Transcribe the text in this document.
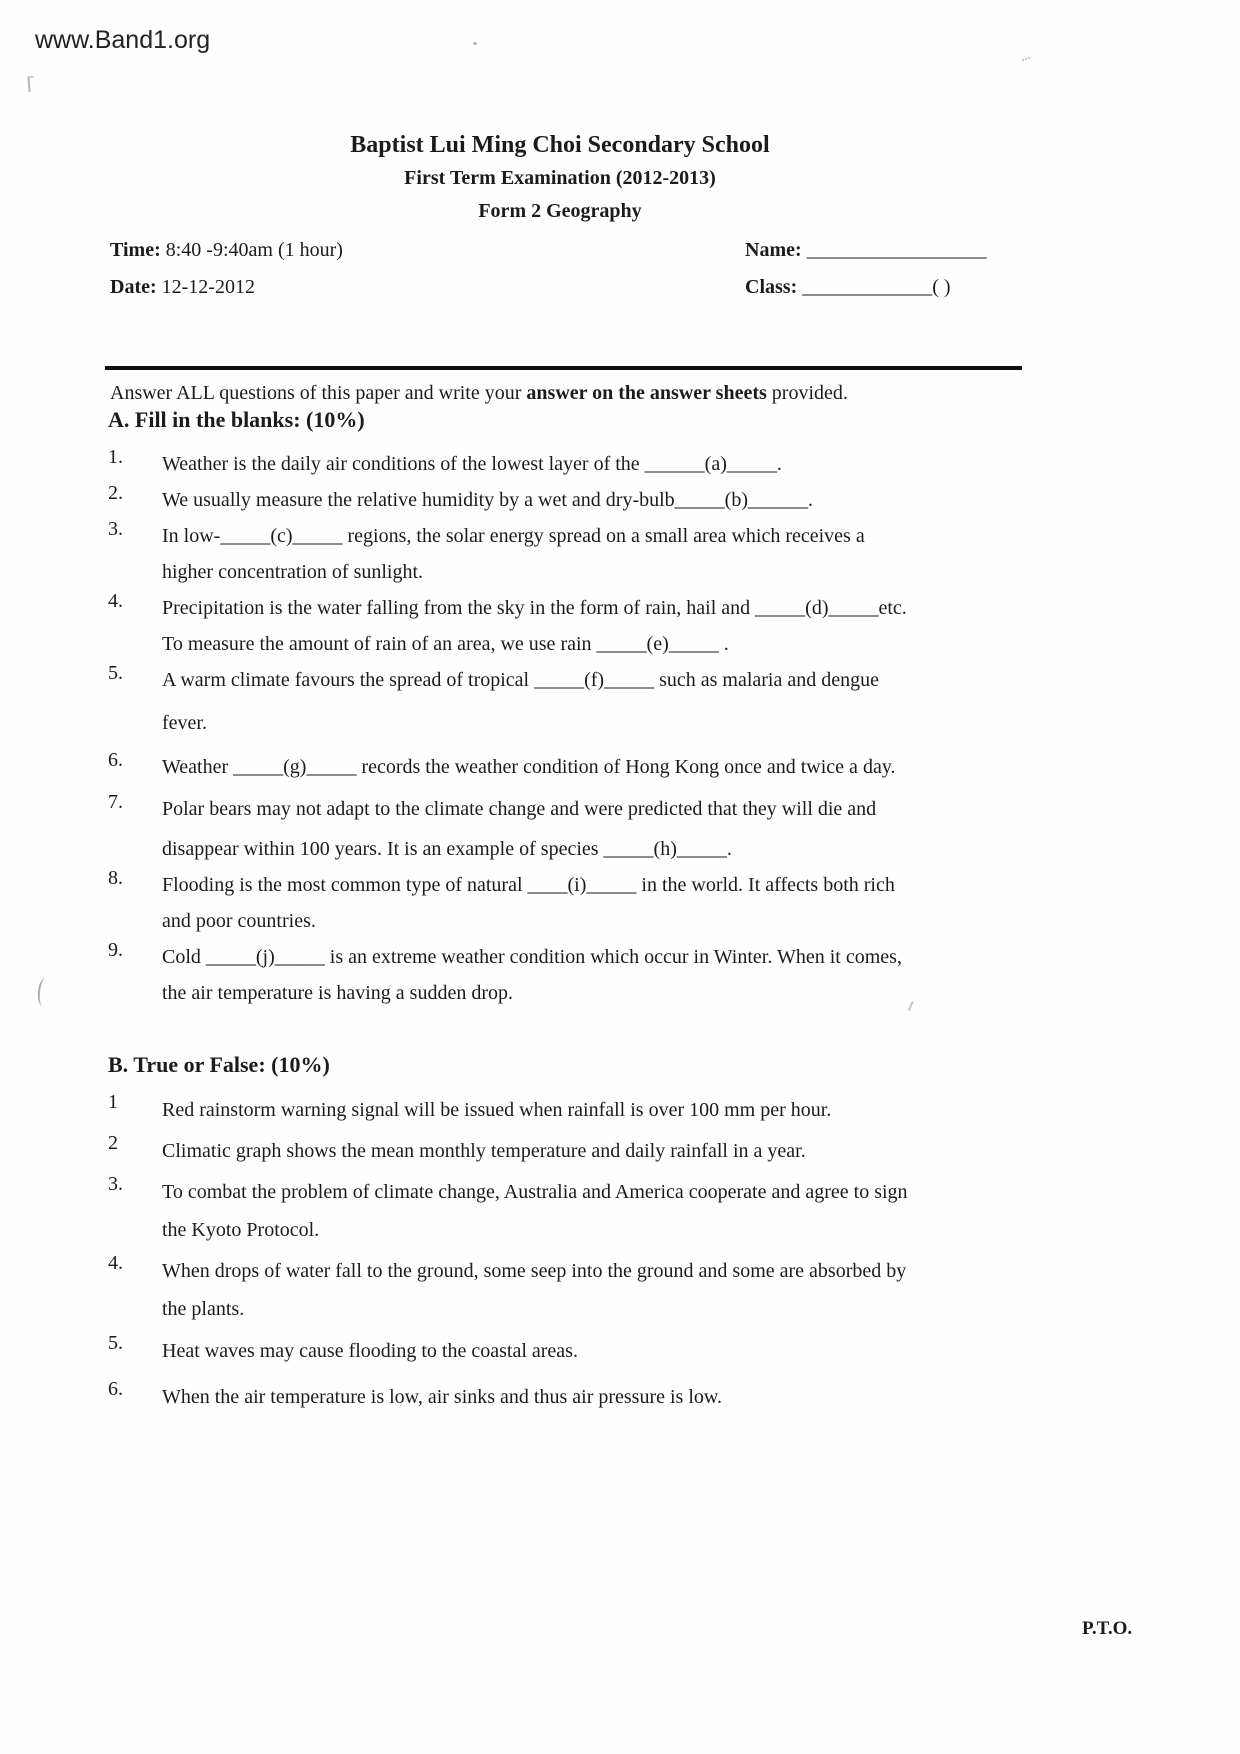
www.Band1.org
Baptist Lui Ming Choi Secondary School
First Term Examination (2012-2013)
Form 2 Geography
Time: 8:40 -9:40am (1 hour)
Date: 12-12-2012
Name: __________________
Class: _____________( )
Answer ALL questions of this paper and write your answer on the answer sheets provided.
A. Fill in the blanks: (10%)
1.	Weather is the daily air conditions of the lowest layer of the ______(a)_____.
2.	We usually measure the relative humidity by a wet and dry-bulb_____(b)______.
3.	In low-_____(c)_____ regions, the solar energy spread on a small area which receives a
higher concentration of sunlight.
4.	Precipitation is the water falling from the sky in the form of rain, hail and _____(d)_____etc.
To measure the amount of rain of an area, we use rain _____(e)_____ .
5.	A warm climate favours the spread of tropical _____(f)_____ such as malaria and dengue
fever.
6.	Weather _____(g)_____ records the weather condition of Hong Kong once and twice a day.
7.	Polar bears may not adapt to the climate change and were predicted that they will die and
disappear within 100 years. It is an example of species _____(h)_____.
8.	Flooding is the most common type of natural ____(i)_____ in the world. It affects both rich
and poor countries.
9.	Cold _____(j)_____ is an extreme weather condition which occur in Winter. When it comes,
the air temperature is having a sudden drop.
B. True or False: (10%)
1	Red rainstorm warning signal will be issued when rainfall is over 100 mm per hour.
2	Climatic graph shows the mean monthly temperature and daily rainfall in a year.
3.	To combat the problem of climate change, Australia and America cooperate and agree to sign
the Kyoto Protocol.
4.	When drops of water fall to the ground, some seep into the ground and some are absorbed by
the plants.
5.	Heat waves may cause flooding to the coastal areas.
6.	When the air temperature is low, air sinks and thus air pressure is low.
P.T.O.
